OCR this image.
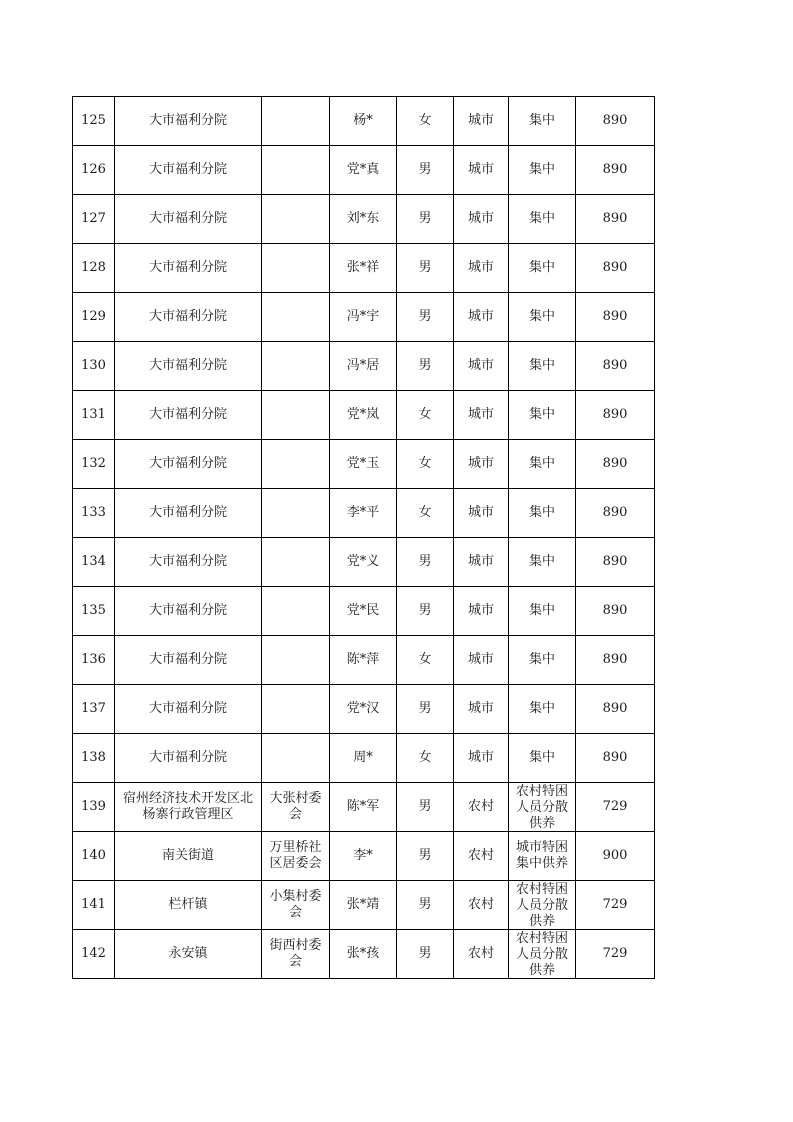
125	大市福利分院		杨*	女	城市	集中	890

126	大市福利分院		党*真	男	城市	集中	890

127	大市福利分院		刘*东	男	城市	集中	890

128	大市福利分院		张*祥	男	城市	集中	890

129	大市福利分院		冯*宇	男	城市	集中	890

130	大市福利分院		冯*居	男	城市	集中	890

131	大市福利分院		党*岚	女	城市	集中	890

132	大市福利分院		党*玉	女	城市	集中	890

133	大市福利分院		李*平	女	城市	集中	890

134	大市福利分院		党*义	男	城市	集中	890

135	大市福利分院		党*民	男	城市	集中	890

136	大市福利分院		陈*萍	女	城市	集中	890

137	大市福利分院		党*汉	男	城市	集中	890

138	大市福利分院		周*	女	城市	集中	890

139	宿州经济技术开发区北杨寨行政管理区	大张村委会	陈*军	男	农村	农村特困人员分散供养	729

140	南关街道	万里桥社区居委会	李*	男	农村	城市特困集中供养	900

141	栏杆镇	小集村委会	张*靖	男	农村	农村特困人员分散供养	729

142	永安镇	街西村委会	张*孩	男	农村	农村特困人员分散供养	729
